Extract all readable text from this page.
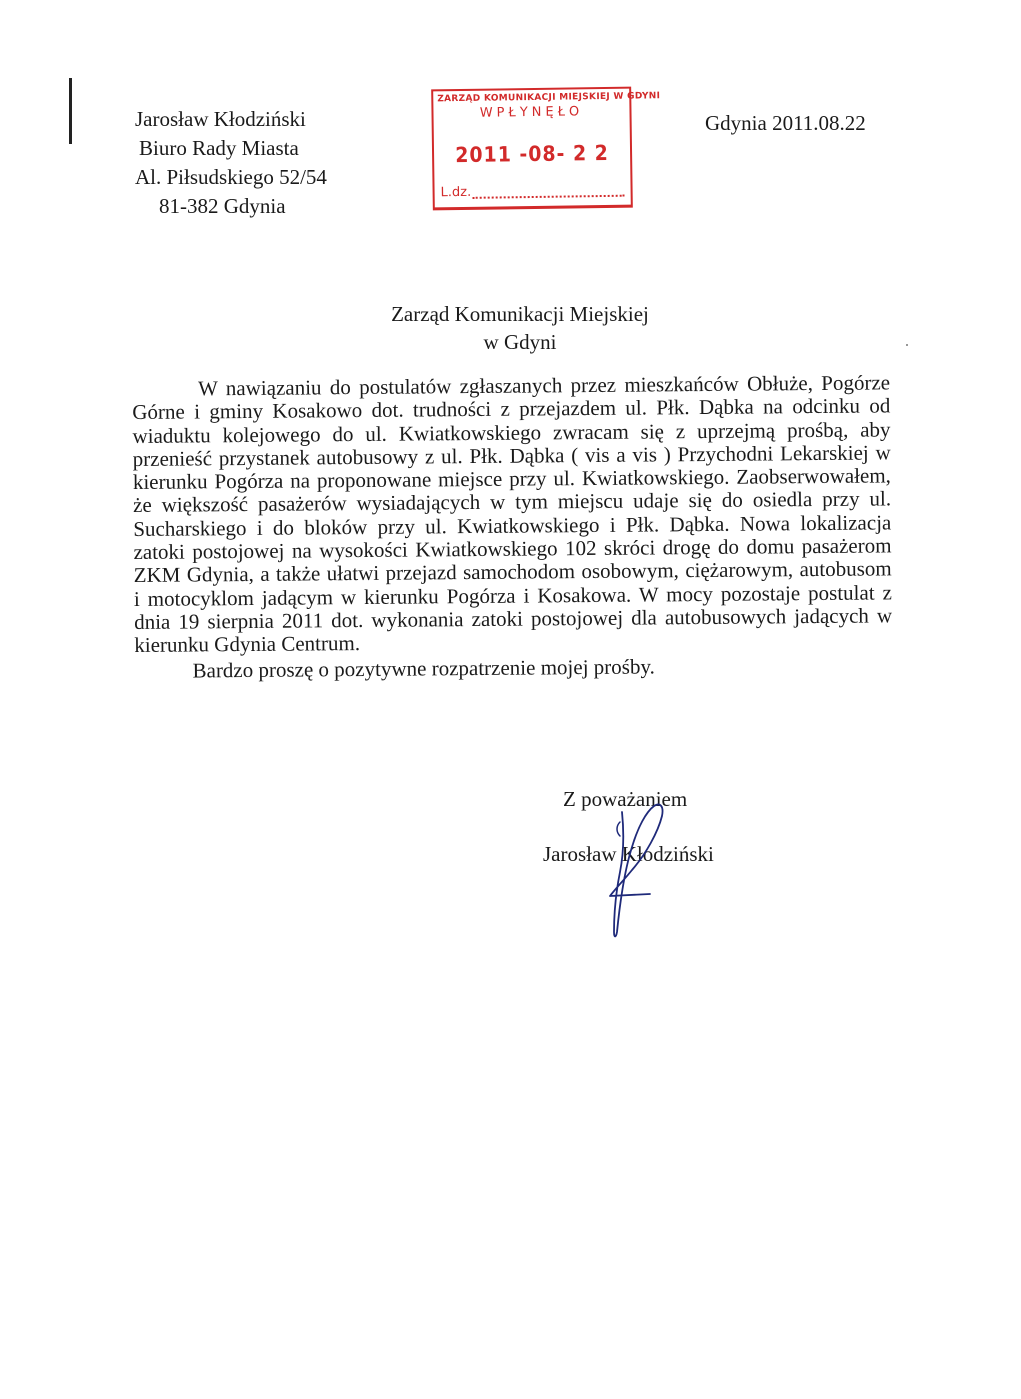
Jarosław Kłodziński
Biuro Rady Miasta
Al. Piłsudskiego 52/54
81-382 Gdynia
ZARZĄD KOMUNIKACJI MIEJSKIEJ W GDYNI
WPŁYNĘŁO
2011 -08- 2 2
L.dz.
Gdynia 2011.08.22
Zarząd Komunikacji Miejskiej
w Gdyni

W nawiązaniu do postulatów zgłaszanych przez mieszkańców Obłuże, Pogórze Górne i gminy Kosakowo dot. trudności z przejazdem ul. Płk. Dąbka na odcinku od wiaduktu kolejowego do ul. Kwiatkowskiego zwracam się z uprzejmą prośbą, aby przenieść przystanek autobusowy z ul. Płk. Dąbka ( vis a vis ) Przychodni Lekarskiej w kierunku Pogórza na proponowane miejsce przy ul. Kwiatkowskiego. Zaobserwowałem, że większość pasażerów wysiadających w tym miejscu udaje się do osiedla przy ul. Sucharskiego i do bloków przy ul. Kwiatkowskiego i Płk. Dąbka. Nowa lokalizacja zatoki postojowej na wysokości Kwiatkowskiego 102 skróci drogę do domu pasażerom ZKM Gdynia, a także ułatwi przejazd samochodom osobowym, ciężarowym, autobusom i motocyklom jadącym w kierunku Pogórza i Kosakowa. W mocy pozostaje postulat z dnia 19 sierpnia 2011 dot. wykonania zatoki postojowej dla autobusowych jadących w kierunku Gdynia Centrum.

Bardzo proszę o pozytywne rozpatrzenie mojej prośby.

Z poważaniem
Jarosław Kłodziński
